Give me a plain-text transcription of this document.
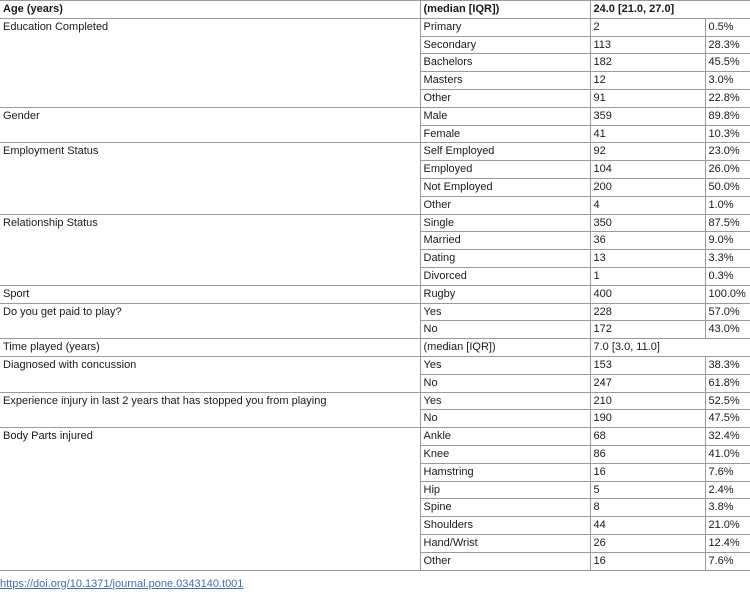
Age (years)	(median [IQR])	24.0 [21.0, 27.0]	
Education Completed	Primary	2	0.5%
	Secondary	113	28.3%
	Bachelors	182	45.5%
	Masters	12	3.0%
	Other	91	22.8%
Gender	Male	359	89.8%
	Female	41	10.3%
Employment Status	Self Employed	92	23.0%
	Employed	104	26.0%
	Not Employed	200	50.0%
	Other	4	1.0%
Relationship Status	Single	350	87.5%
	Married	36	9.0%
	Dating	13	3.3%
	Divorced	1	0.3%
Sport	Rugby	400	100.0%
Do you get paid to play?	Yes	228	57.0%
	No	172	43.0%
Time played (years)	(median [IQR])	7.0 [3.0, 11.0]	
Diagnosed with concussion	Yes	153	38.3%
	No	247	61.8%
Experience injury in last 2 years that has stopped you from playing	Yes	210	52.5%
	No	190	47.5%
Body Parts injured	Ankle	68	32.4%
	Knee	86	41.0%
	Hamstring	16	7.6%
	Hip	5	2.4%
	Spine	8	3.8%
	Shoulders	44	21.0%
	Hand/Wrist	26	12.4%
	Other	16	7.6%
https://doi.org/10.1371/journal.pone.0343140.t001
